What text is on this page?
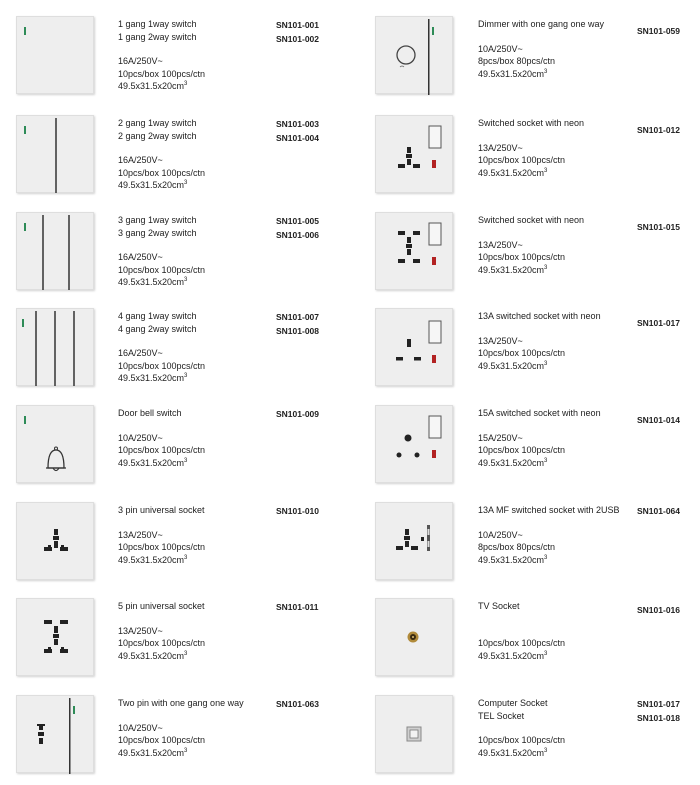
1 gang 1way switch
1 gang 2way switch
16A/250V~
10pcs/box 100pcs/ctn
$49.5x31.5x20cm^3$
SN101-001
SN101-002
2 gang 1way switch
2 gang 2way switch
16A/250V~
10pcs/box 100pcs/ctn
$49.5x31.5x20cm^3$
SN101-003
SN101-004
3 gang 1way switch
3 gang 2way switch
16A/250V~
10pcs/box 100pcs/ctn
$49.5x31.5x20cm^3$
SN101-005
SN101-006
4 gang 1way switch
4 gang 2way switch
16A/250V~
10pcs/box 100pcs/ctn
$49.5x31.5x20cm^3$
SN101-007
SN101-008
Door bell switch
10A/250V~
10pcs/box 100pcs/ctn
$49.5x31.5x20cm^3$
SN101-009
3 pin universal socket
13A/250V~
10pcs/box 100pcs/ctn
$49.5x31.5x20cm^3$
SN101-010
5 pin universal socket
13A/250V~
10pcs/box 100pcs/ctn
$49.5x31.5x20cm^3$
SN101-011
Two pin with one gang one way
10A/250V~
10pcs/box 100pcs/ctn
$49.5x31.5x20cm^3$
SN101-063
Dimmer with one gang one way
10A/250V~
8pcs/box 80pcs/ctn
$49.5x31.5x20cm^3$
SN101-059
Switched socket with neon
13A/250V~
10pcs/box 100pcs/ctn
$49.5x31.5x20cm^3$
SN101-012
Switched socket with neon
13A/250V~
10pcs/box 100pcs/ctn
$49.5x31.5x20cm^3$
SN101-015
13A switched socket with neon
13A/250V~
10pcs/box 100pcs/ctn
$49.5x31.5x20cm^3$
SN101-017
15A switched socket with neon
15A/250V~
10pcs/box 100pcs/ctn
$49.5x31.5x20cm^3$
SN101-014
13A MF switched socket with 2USB
10A/250V~
8pcs/box 80pcs/ctn
$49.5x31.5x20cm^3$
SN101-064
TV Socket

10pcs/box 100pcs/ctn
$49.5x31.5x20cm^3$
SN101-016
Computer Socket
TEL Socket
10pcs/box 100pcs/ctn
$49.5x31.5x20cm^3$
SN101-017
SN101-018
